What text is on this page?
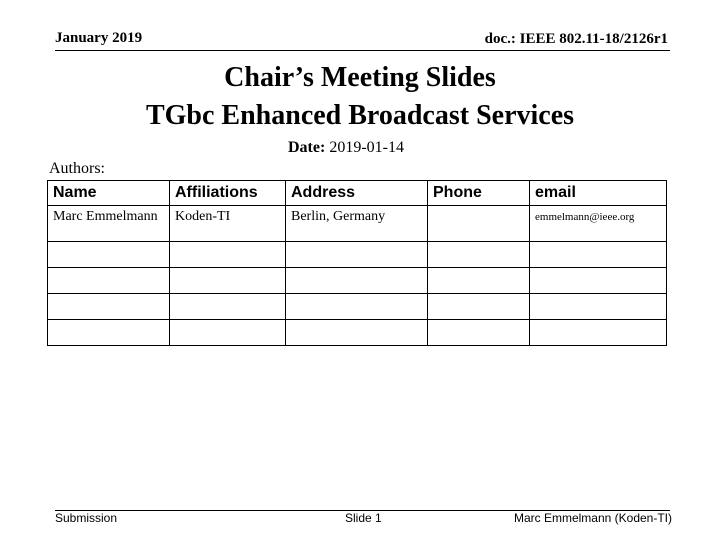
January 2019	doc.: IEEE 802.11-18/2126r1
Chair’s Meeting Slides
TGbc Enhanced Broadcast Services
Date: 2019-01-14
Authors:
Name	Affiliations	Address	Phone	email
Marc Emmelmann	Koden-TI	Berlin, Germany		emmelmann@ieee.org

Submission	Slide 1	Marc Emmelmann (Koden-TI)
